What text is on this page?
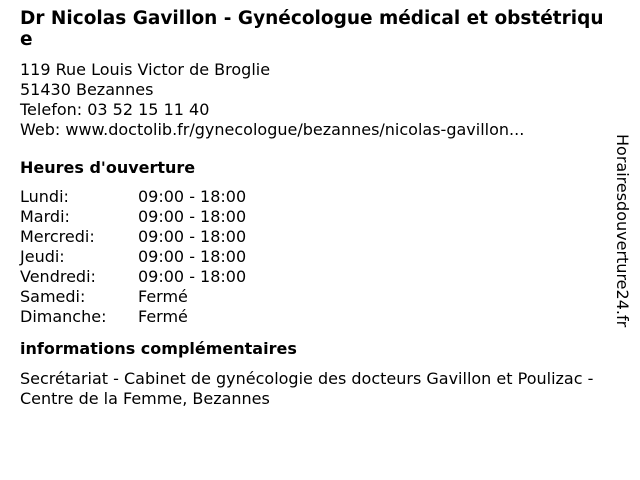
Dr Nicolas Gavillon - Gynécologue médical et obstétrique
119 Rue Louis Victor de Broglie
51430 Bezannes
Telefon: 03 52 15 11 40
Web: www.doctolib.fr/gynecologue/bezannes/nicolas-gavillon...
Heures d'ouverture
Lundi:	09:00 - 18:00
Mardi:	09:00 - 18:00
Mercredi:	09:00 - 18:00
Jeudi:	09:00 - 18:00
Vendredi:	09:00 - 18:00
Samedi:	Fermé
Dimanche:	Fermé
informations complémentaires
Secrétariat - Cabinet de gynécologie des docteurs Gavillon et Poulizac - Centre de la Femme, Bezannes
Horairesdouverture24.fr
